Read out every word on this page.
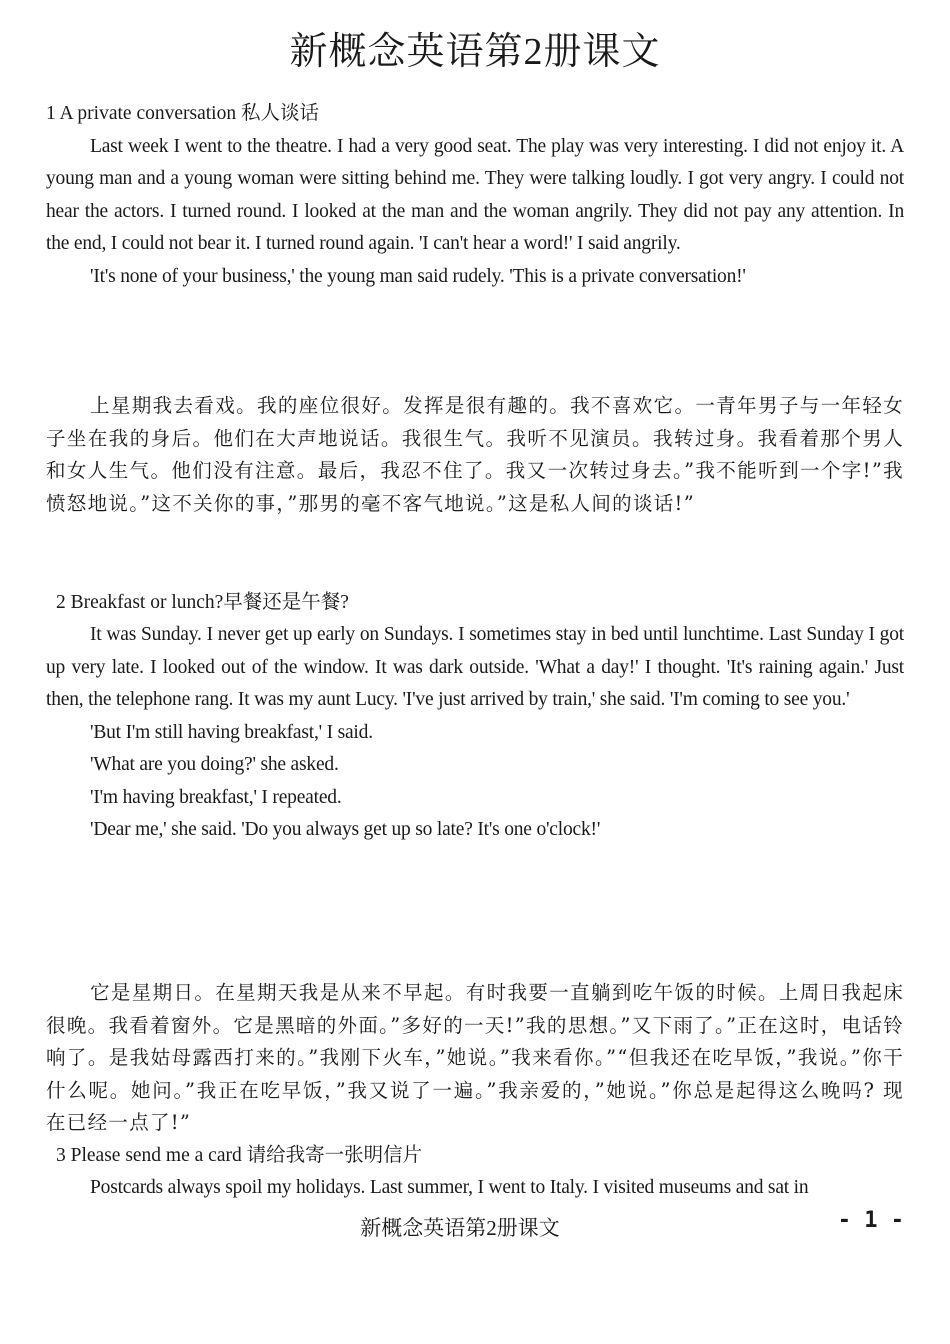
新概念英语第2册课文

1 A private conversation 私人谈话

Last week I went to the theatre. I had a very good seat. The play was very interesting. I did not enjoy it. A young man and a young woman were sitting behind me. They were talking loudly. I got very angry. I could not hear the actors. I turned round. I looked at the man and the woman angrily. They did not pay any attention. In the end, I could not bear it. I turned round again. 'I can't hear a word!' I said angrily.

'It's none of your business,' the young man said rudely. 'This is a private conversation!'

上星期我去看戏。我的座位很好。发挥是很有趣的。我不喜欢它。一青年男子与一年轻女子坐在我的身后。他们在大声地说话。我很生气。我听不见演员。我转过身。我看着那个男人和女人生气。他们没有注意。最后，我忍不住了。我又一次转过身去。”我不能听到一个字!”我愤怒地说。”这不关你的事，”那男的毫不客气地说。”这是私人间的谈话!”

2 Breakfast or lunch?早餐还是午餐?

It was Sunday. I never get up early on Sundays. I sometimes stay in bed until lunchtime. Last Sunday I got up very late. I looked out of the window. It was dark outside. 'What a day!' I thought. 'It's raining again.' Just then, the telephone rang. It was my aunt Lucy. 'I've just arrived by train,' she said. 'I'm coming to see you.'

'But I'm still having breakfast,' I said.

'What are you doing?' she asked.

'I'm having breakfast,' I repeated.

'Dear me,' she said. 'Do you always get up so late? It's one o'clock!'

它是星期日。在星期天我是从来不早起。有时我要一直躺到吃午饭的时候。上周日我起床很晚。我看着窗外。它是黑暗的外面。”多好的一天!”我的思想。”又下雨了。”正在这时，电话铃响了。是我姑母露西打来的。”我刚下火车，”她说。”我来看你。”“但我还在吃早饭，”我说。”你干什么呢。她问。”我正在吃早饭，”我又说了一遍。”我亲爱的，”她说。”你总是起得这么晚吗? 现在已经一点了!”

3 Please send me a card 请给我寄一张明信片

Postcards always spoil my holidays. Last summer, I went to Italy. I visited museums and sat in

新概念英语第2册课文	- 1 -
